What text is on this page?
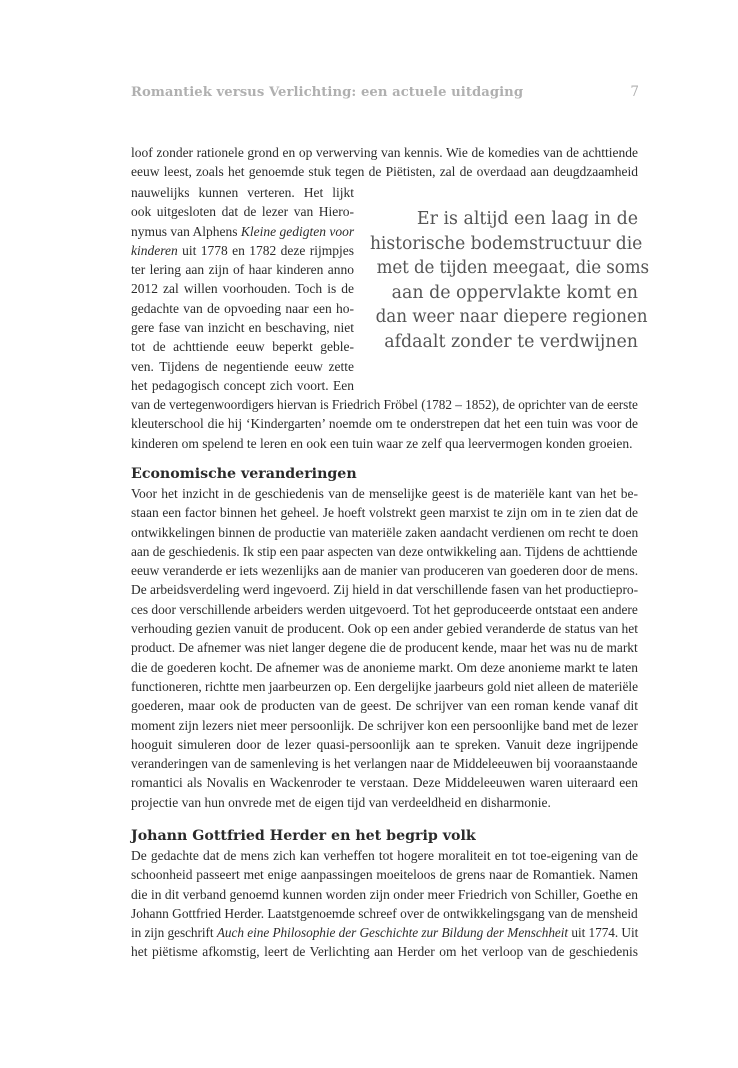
Romantiek versus Verlichting: een actuele uitdaging	7
loof zonder rationele grond en op verwerving van kennis. Wie de komedies van de achttiende
eeuw leest, zoals het genoemde stuk tegen de Piëtisten, zal de overdaad aan deugdzaamheid
nauwelijks kunnen verteren. Het lijkt
ook uitgesloten dat de lezer van Hiero-
nymus van Alphens Kleine gedigten voor
kinderen uit 1778 en 1782 deze rijmpjes
ter lering aan zijn of haar kinderen anno
2012 zal willen voorhouden. Toch is de
gedachte van de opvoeding naar een ho-
gere fase van inzicht en beschaving, niet
tot de achttiende eeuw beperkt geble-
ven. Tijdens de negentiende eeuw zette
het pedagogisch concept zich voort. Een
Er is altijd een laag in de
historische bodemstructuur die
met de tijden meegaat, die soms
aan de oppervlakte komt en
dan weer naar diepere regionen
afdaalt zonder te verdwijnen
van de vertegenwoordigers hiervan is Friedrich Fröbel (1782 – 1852), de oprichter van de eerste
kleuterschool die hij ‘Kindergarten’ noemde om te onderstrepen dat het een tuin was voor de
kinderen om spelend te leren en ook een tuin waar ze zelf qua leervermogen konden groeien.
Economische veranderingen
Voor het inzicht in de geschiedenis van de menselijke geest is de materiële kant van het be-
staan een factor binnen het geheel. Je hoeft volstrekt geen marxist te zijn om in te zien dat de
ontwikkelingen binnen de productie van materiële zaken aandacht verdienen om recht te doen
aan de geschiedenis. Ik stip een paar aspecten van deze ontwikkeling aan. Tijdens de achttiende
eeuw veranderde er iets wezenlijks aan de manier van produceren van goederen door de mens.
De arbeidsverdeling werd ingevoerd. Zij hield in dat verschillende fasen van het productiepro-
ces door verschillende arbeiders werden uitgevoerd. Tot het geproduceerde ontstaat een andere
verhouding gezien vanuit de producent. Ook op een ander gebied veranderde de status van het
product. De afnemer was niet langer degene die de producent kende, maar het was nu de markt
die de goederen kocht. De afnemer was de anonieme markt. Om deze anonieme markt te laten
functioneren, richtte men jaarbeurzen op. Een dergelijke jaarbeurs gold niet alleen de materiële
goederen, maar ook de producten van de geest. De schrijver van een roman kende vanaf dit
moment zijn lezers niet meer persoonlijk. De schrijver kon een persoonlijke band met de lezer
hooguit simuleren door de lezer quasi-persoonlijk aan te spreken. Vanuit deze ingrijpende
veranderingen van de samenleving is het verlangen naar de Middeleeuwen bij vooraanstaande
romantici als Novalis en Wackenroder te verstaan. Deze Middeleeuwen waren uiteraard een
projectie van hun onvrede met de eigen tijd van verdeeldheid en disharmonie.
Johann Gottfried Herder en het begrip volk
De gedachte dat de mens zich kan verheffen tot hogere moraliteit en tot toe-eigening van de
schoonheid passeert met enige aanpassingen moeiteloos de grens naar de Romantiek. Namen
die in dit verband genoemd kunnen worden zijn onder meer Friedrich von Schiller, Goethe en
Johann Gottfried Herder. Laatstgenoemde schreef over de ontwikkelingsgang van de mensheid
in zijn geschrift Auch eine Philosophie der Geschichte zur Bildung der Menschheit uit 1774. Uit
het piëtisme afkomstig, leert de Verlichting aan Herder om het verloop van de geschiedenis
